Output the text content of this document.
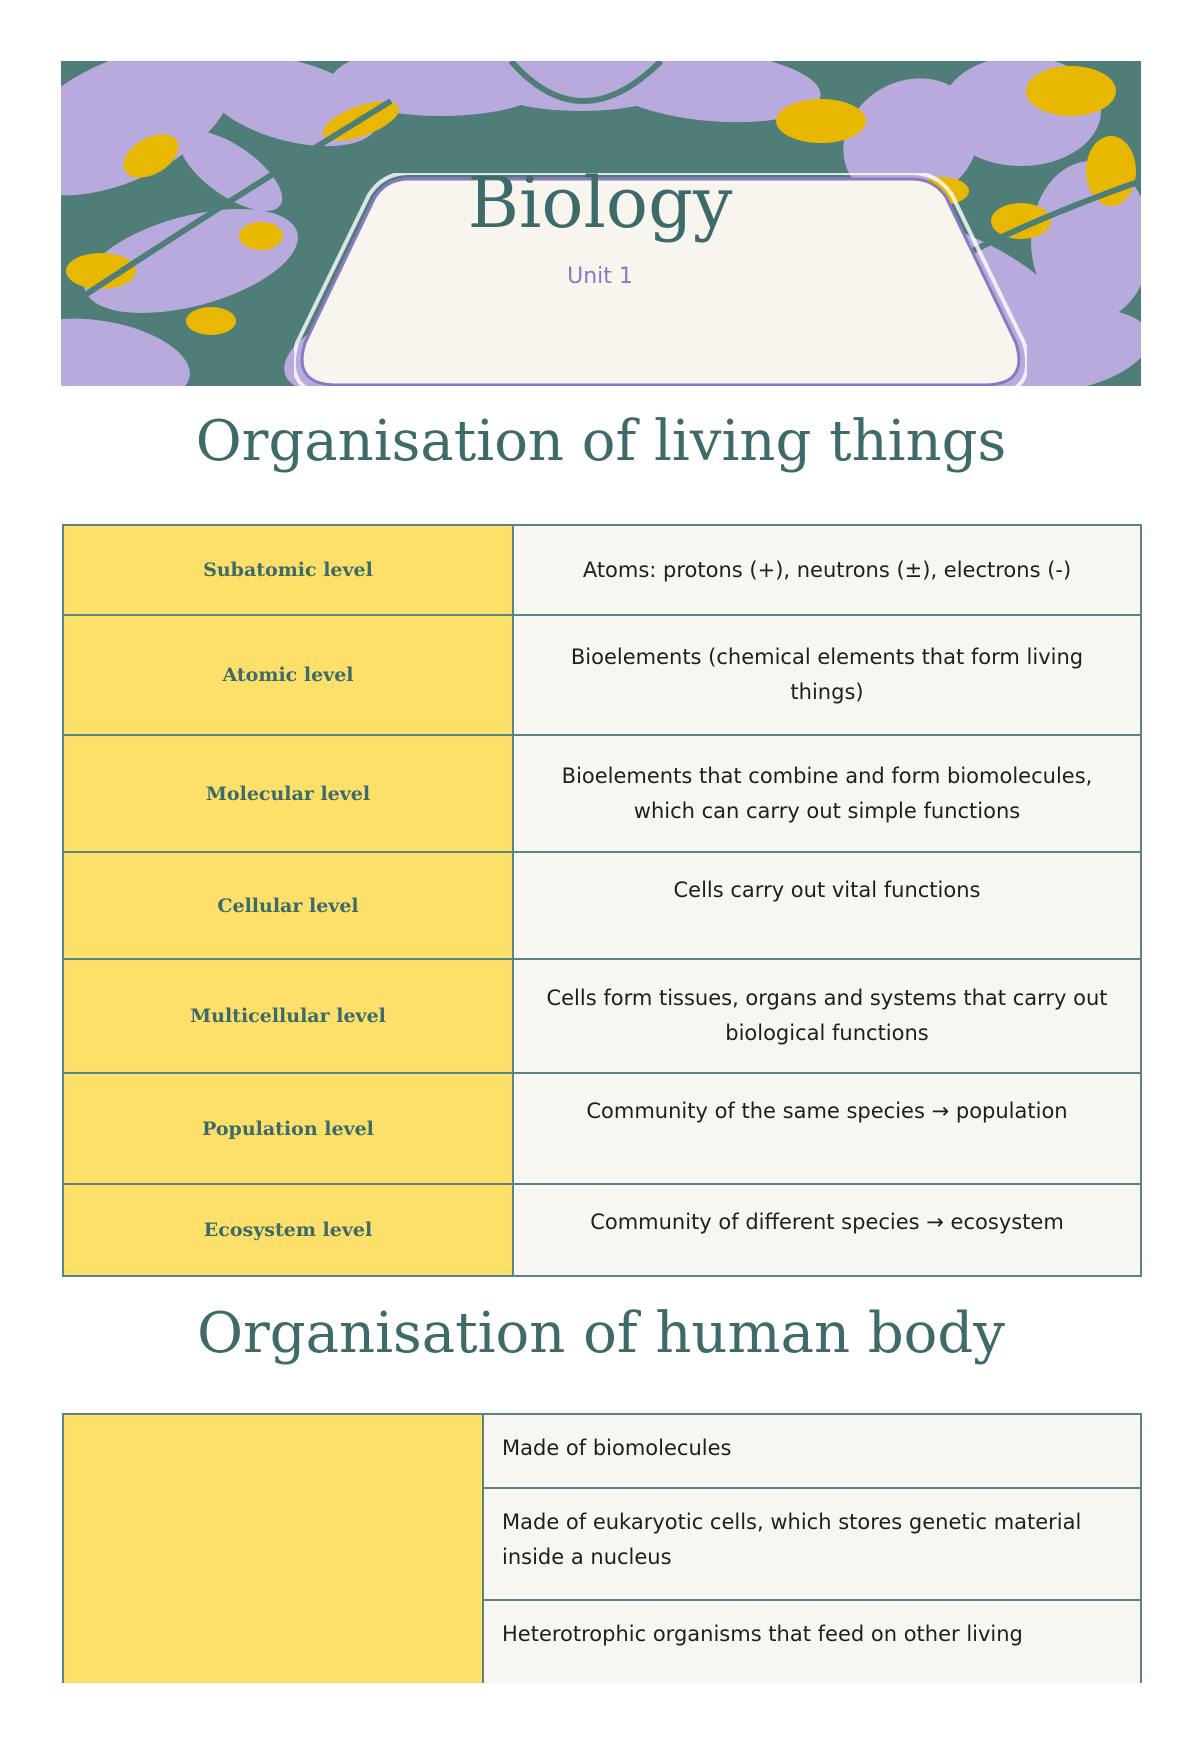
Biology
Unit 1
Organisation of living things
Subatomic level	Atoms: protons (+), neutrons (±), electrons (-)
Atomic level	Bioelements (chemical elements that form living things)
Molecular level	Bioelements that combine and form biomolecules, which can carry out simple functions
Cellular level	Cells carry out vital functions
Multicellular level	Cells form tissues, organs and systems that carry out biological functions
Population level	Community of the same species → population
Ecosystem level	Community of different species → ecosystem
Organisation of human body
	Made of biomolecules
Made of eukaryotic cells, which stores genetic material inside a nucleus
Heterotrophic organisms that feed on other living
